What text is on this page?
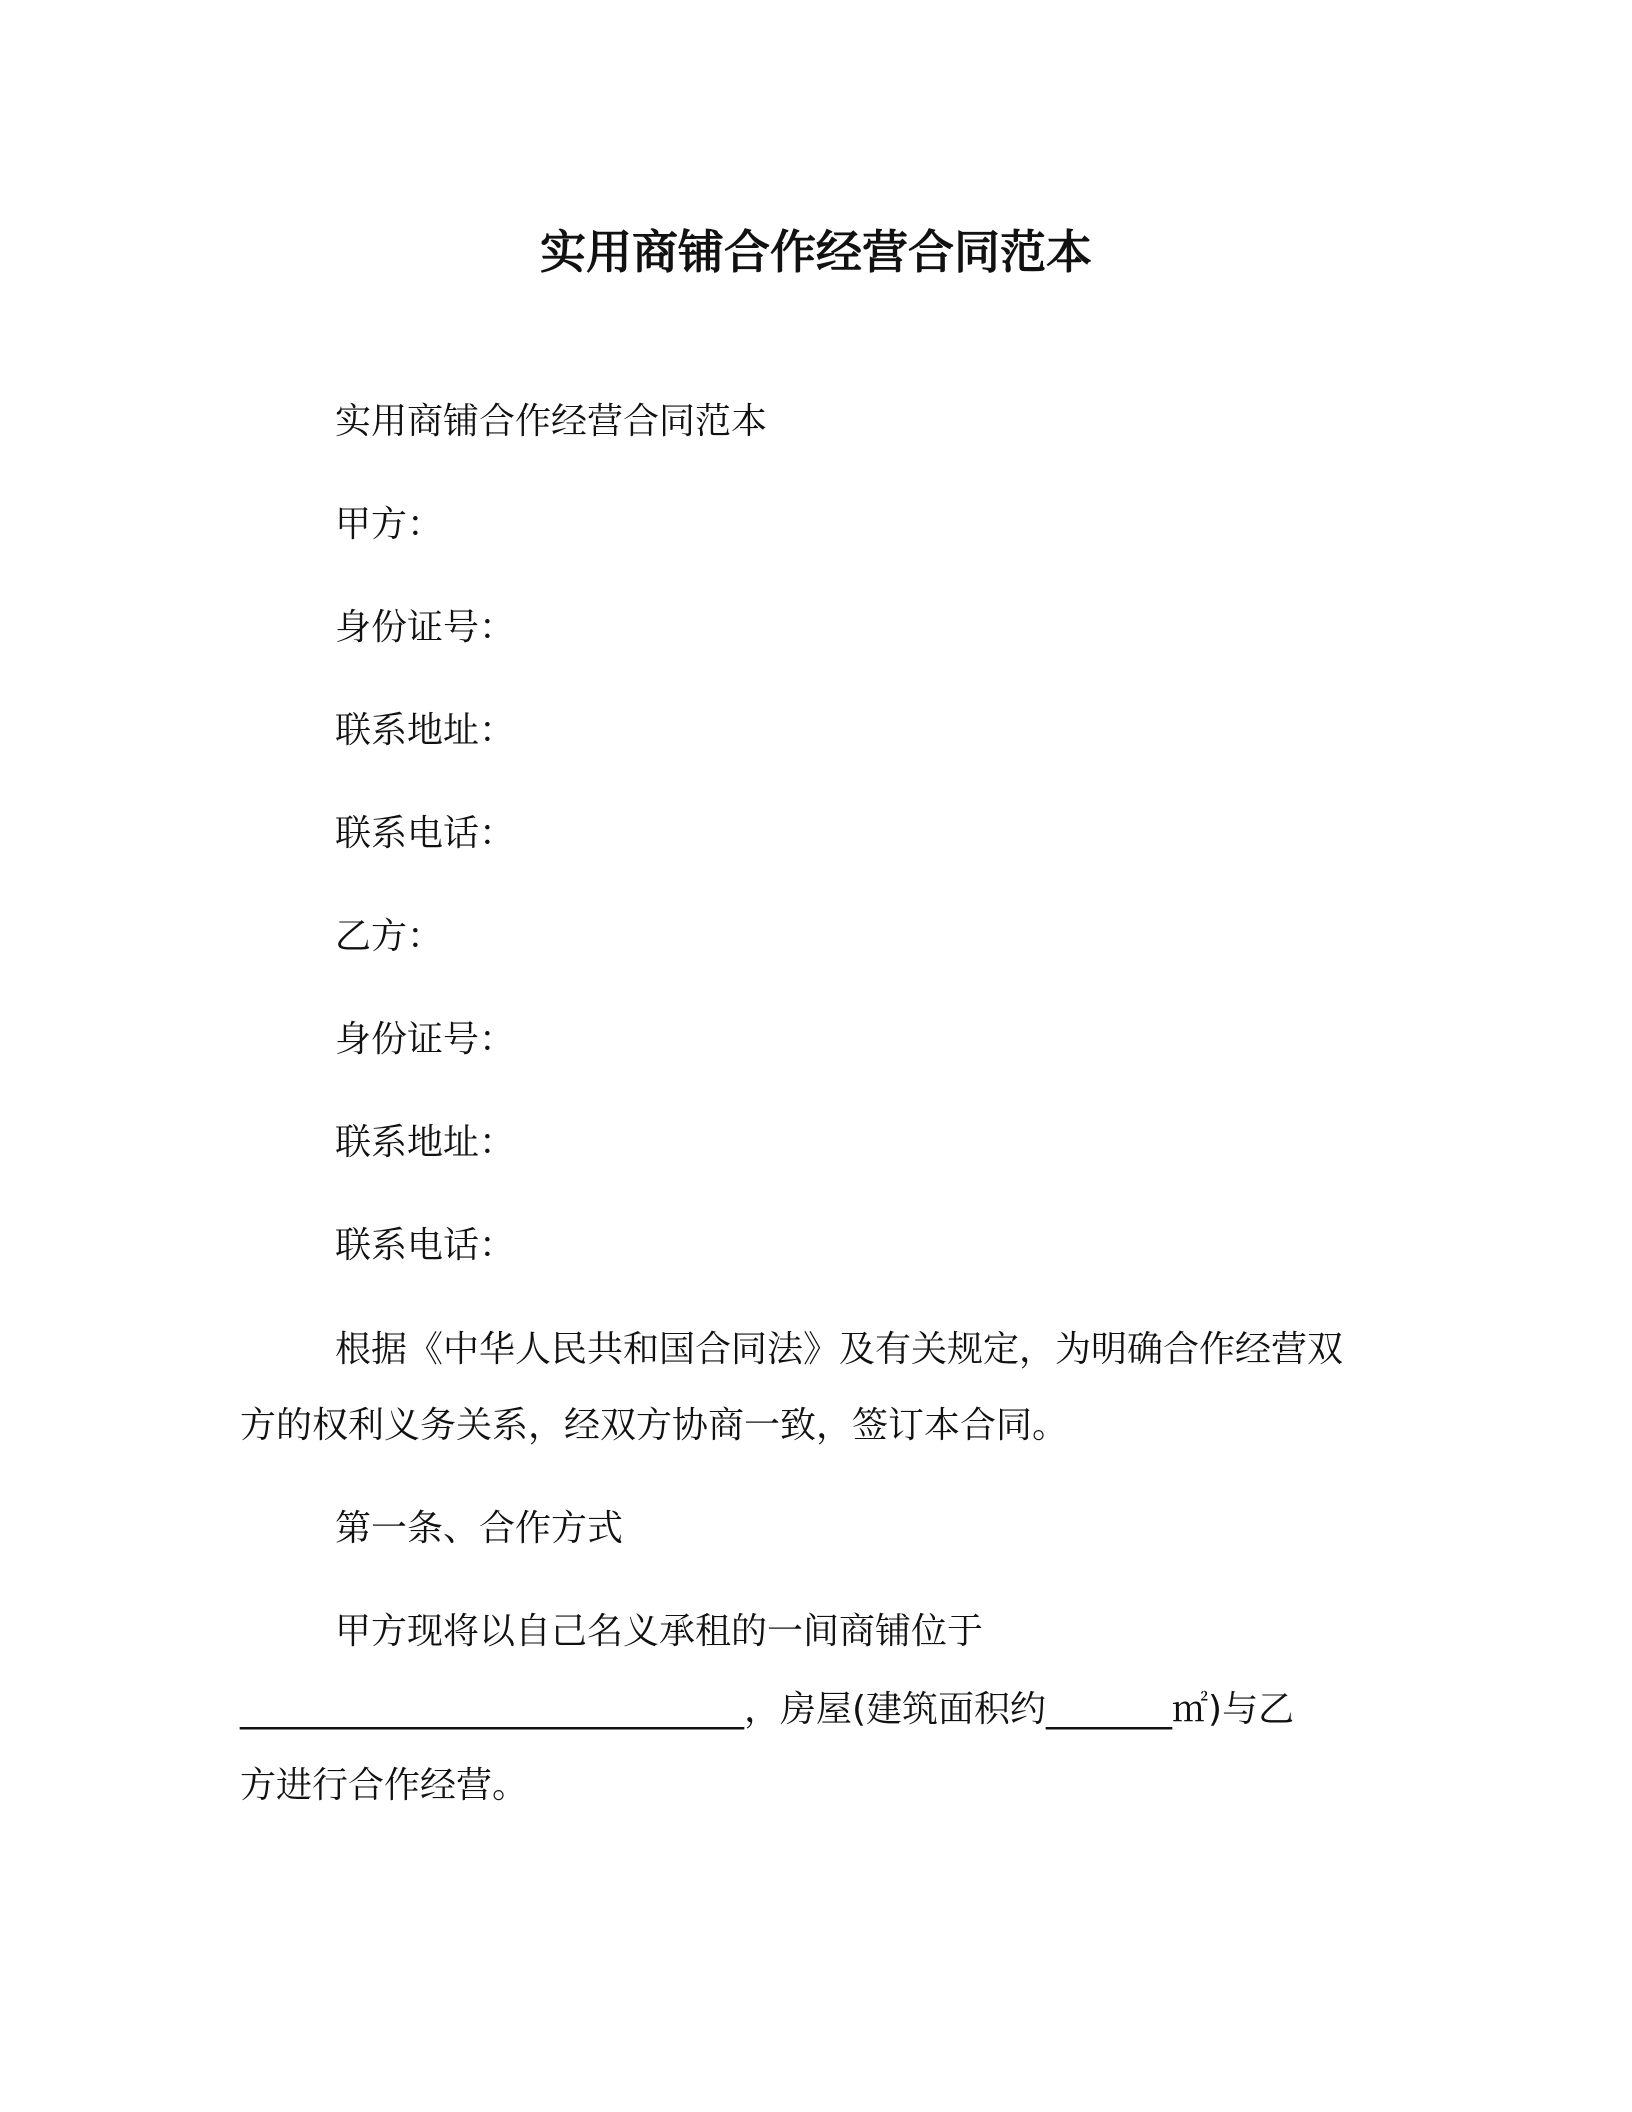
实用商铺合作经营合同范本

实用商铺合作经营合同范本

甲方：

身份证号：

联系地址：

联系电话：

乙方：

身份证号：

联系地址：

联系电话：

根据《中华人民共和国合同法》及有关规定，为明确合作经营双

方的权利义务关系，经双方协商一致，签订本合同。

第一条、合作方式

甲方现将以自己名义承租的一间商铺位于

____________________________，房屋(建筑面积约_______㎡)与乙

方进行合作经营。
